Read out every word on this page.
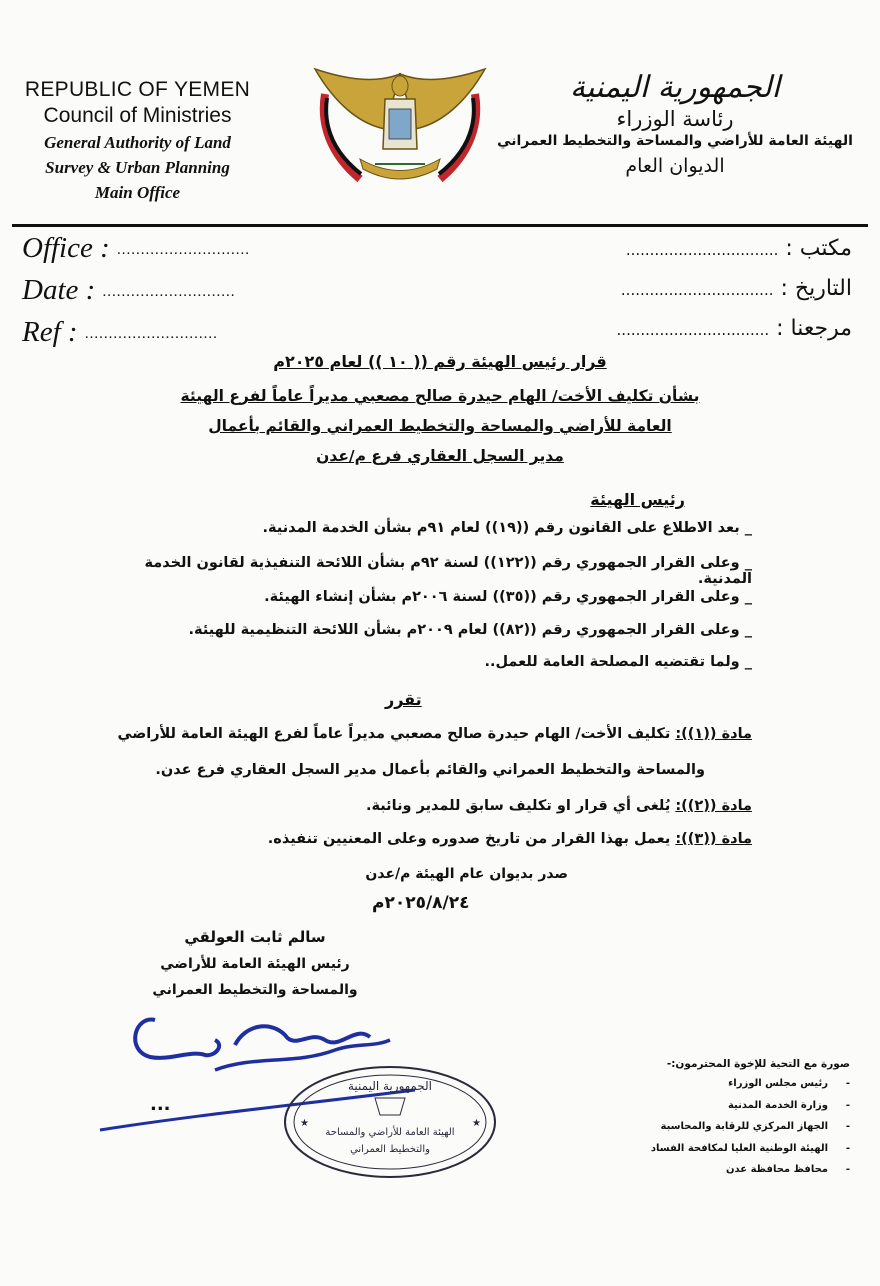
REPUBLIC OF YEMEN
Council of Ministries
General Authority of Land
Survey & Urban Planning
Main Office
الجمهورية اليمنية
رئاسة الوزراء
الهيئة العامة للأراضي والمساحة والتخطيط العمراني
الديوان العام
Office : ............................
Date : ............................
Ref : ............................
مكتب : ................................
التاريخ : ................................
مرجعنا : ................................
قرار رئيس الهيئة رقم (( ١٠ )) لعام ٢٠٢٥م
بشأن تكليف الأخت/ الهام حيدرة صالح مصعبي مديراً عاماً لفرع الهيئة
العامة للأراضي والمساحة والتخطيط العمراني والقائم بأعمال
مدير السجل العقاري فرع م/عدن
رئيس الهيئة
_ بعد الاطلاع على القانون رقم ((١٩)) لعام ٩١م بشأن الخدمة المدنية.
_ وعلى القرار الجمهوري رقم ((١٢٢)) لسنة ٩٢م بشأن اللائحة التنفيذية لقانون الخدمة المدنية.
_ وعلى القرار الجمهوري رقم ((٣٥)) لسنة ٢٠٠٦م بشأن إنشاء الهيئة.
_ وعلى القرار الجمهوري رقم ((٨٢)) لعام ٢٠٠٩م بشأن اللائحة التنظيمية للهيئة.
_ ولما تقتضيه المصلحة العامة للعمل..
تقرر
مادة ((١)): تكليف الأخت/ الهام حيدرة صالح مصعبي مديراً عاماً لفرع الهيئة العامة للأراضي
والمساحة والتخطيط العمراني والقائم بأعمال مدير السجل العقاري فرع عدن.
مادة ((٢)): يُلغى أي قرار او تكليف سابق للمدير ونائبة.
مادة ((٣)): يعمل بهذا القرار من تاريخ صدوره وعلى المعنيين تنفيذه.
صدر بديوان عام الهيئة م/عدن
٢٠٢٥/٨/٢٤م
سالم ثابت العولقي
رئيس الهيئة العامة للأراضي
والمساحة والتخطيط العمراني
...
الجمهورية اليمنية
الهيئة العامة للأراضي والمساحة
والتخطيط العمراني
★	★
صورة مع التحية للإخوة المحترمون:-
-رئيس مجلس الوزراء
-وزارة الخدمة المدنية
-الجهاز المركزي للرقابة والمحاسبة
-الهيئة الوطنية العليا لمكافحة الفساد
-محافظ محافظة عدن
